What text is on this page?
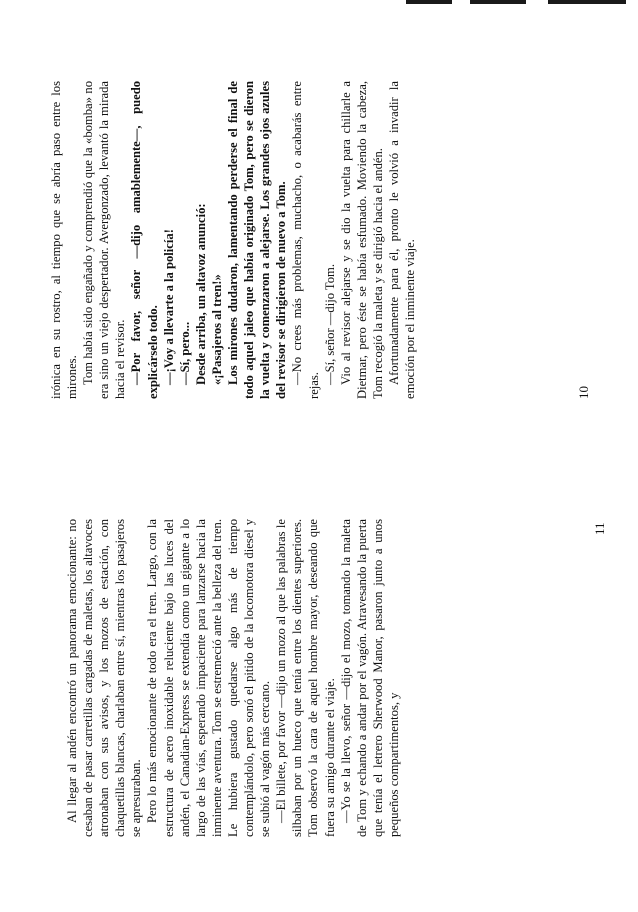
irónica en su rostro, al tiempo que se abría paso entre los mirones. Tom había sido engañado y comprendió que la «bomba» no era sino un viejo despertador. Avergonzado, levantó la mirada hacia el revisor. —Por favor, señor —dijo amablemente—, puedo explicárselo todo. —¡Voy a llevarte a la policía! —Sí, pero... Desde arriba, un altavoz anunció: «¡Pasajeros al tren!» Los mirones dudaron, lamentando perderse el final de todo aquel jaleo que había originado Tom, pero se dieron la vuelta y comenzaron a alejarse. Los grandes ojos azules del revisor se dirigieron de nuevo a Tom. —No crees más problemas, muchacho, o acabarás entre rejas.

—Sí, señor —dijo Tom. Vio al revisor alejarse y se dio la vuelta para chillarle a Dietmar, pero éste se había esfumado. Moviendo la cabeza, Tom recogió la maleta y se dirigió hacia el andén. Afortunadamente para él, pronto le volvió a invadir la emoción por el inminente viaje.	10

Al llegar al andén encontró un panorama emocionante: no cesaban de pasar carretillas cargadas de maletas, los altavoces atronaban con sus avisos, y los mozos de estación, con chaquetillas blancas, charlaban entre sí, mientras los pasajeros se apresuraban. Pero lo más emocionante de todo era el tren. Largo, con la estructura de acero inoxidable reluciente bajo las luces del andén, el Canadian-Express se extendía como un gigante a lo largo de las vías, esperando impaciente para lanzarse hacia la inminente aventura. Tom se estremeció ante la belleza del tren. Le hubiera gustado quedarse algo más de tiempo contemplándolo, pero sonó el pitido de la locomotora diesel y se subió al vagón más cercano. —El billete, por favor —dijo un mozo al que las palabras le silbaban por un hueco que tenía entre los dientes superiores. Tom observó la cara de aquel hombre mayor, deseando que fuera su amigo durante el viaje. —Yo se la llevo, señor —dijo el mozo, tomando la maleta de Tom y echando a andar por el vagón. Atravesando la puerta que tenía el letrero Sherwood Manor, pasaron junto a unos pequeños compartimentos, y

11
